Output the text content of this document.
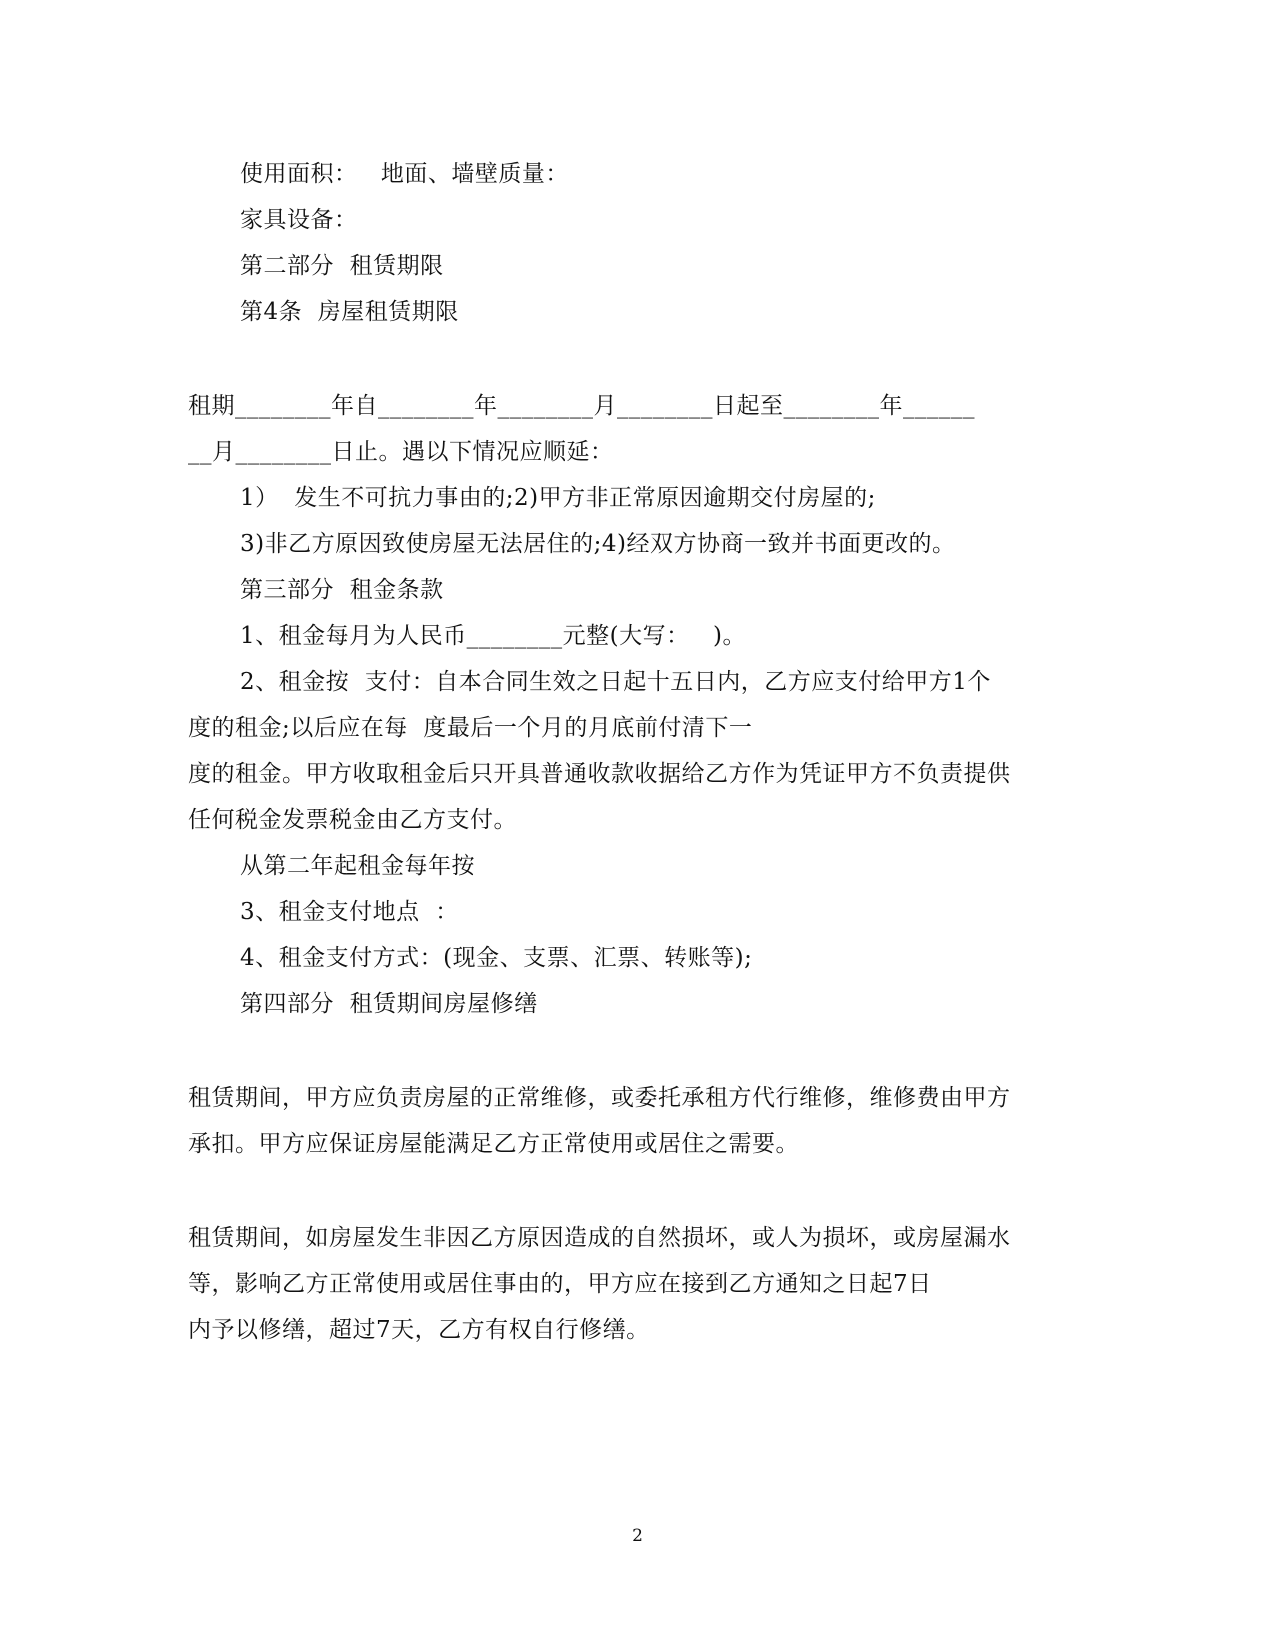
使用面积：   地面、墙壁质量：
家具设备：
第二部分  租赁期限
第4条  房屋租赁期限
租期________年自________年________月________日起至________年______
__月________日止。遇以下情况应顺延：
1）  发生不可抗力事由的;2)甲方非正常原因逾期交付房屋的;
3)非乙方原因致使房屋无法居住的;4)经双方协商一致并书面更改的。
第三部分  租金条款
1、租金每月为人民币________元整(大写：   )。
2、租金按  支付：自本合同生效之日起十五日内，乙方应支付给甲方1个
度的租金;以后应在每  度最后一个月的月底前付清下一
度的租金。甲方收取租金后只开具普通收款收据给乙方作为凭证甲方不负责提供
任何税金发票税金由乙方支付。
从第二年起租金每年按
3、租金支付地点  ：
4、租金支付方式：(现金、支票、汇票、转账等);
第四部分  租赁期间房屋修缮
租赁期间，甲方应负责房屋的正常维修，或委托承租方代行维修，维修费由甲方
承扣。甲方应保证房屋能满足乙方正常使用或居住之需要。
租赁期间，如房屋发生非因乙方原因造成的自然损坏，或人为损坏，或房屋漏水
等，影响乙方正常使用或居住事由的，甲方应在接到乙方通知之日起7日
内予以修缮，超过7天，乙方有权自行修缮。
2
